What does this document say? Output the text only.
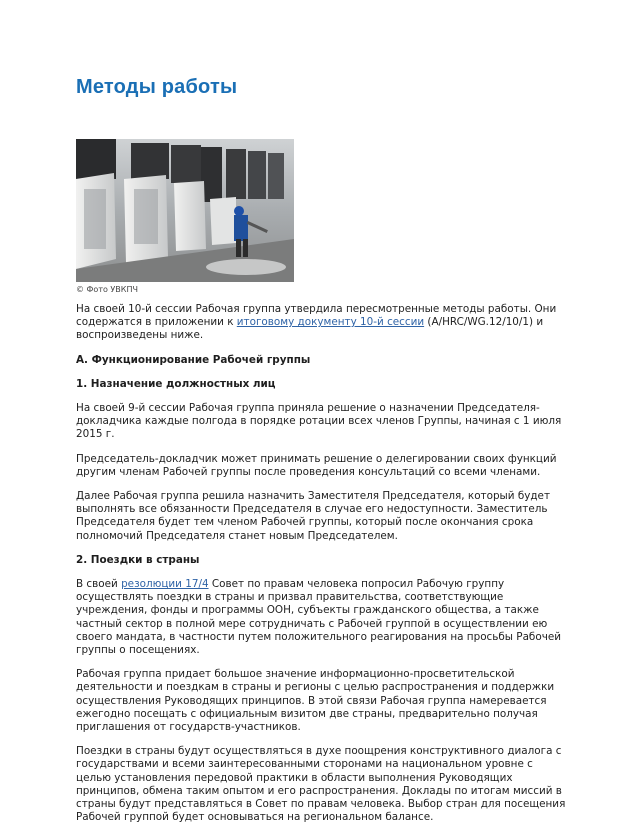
Методы работы

© Фото УВКПЧ

На своей 10-й сессии Рабочая группа утвердила пересмотренные методы работы. Они содержатся в приложении к итоговому документу 10-й сессии (A/HRC/WG.12/10/1) и воспроизведены ниже.

А. Функционирование Рабочей группы

1. Назначение должностных лиц

На своей 9-й сессии Рабочая группа приняла решение о назначении Председателя-докладчика каждые полгода в порядке ротации всех членов Группы, начиная с 1 июля 2015 г.

Председатель-докладчик может принимать решение о делегировании своих функций другим членам Рабочей группы после проведения консультаций со всеми членами.

Далее Рабочая группа решила назначить Заместителя Председателя, который будет выполнять все обязанности Председателя в случае его недоступности. Заместитель Председателя будет тем членом Рабочей группы, который после окончания срока полномочий Председателя станет новым Председателем.

2. Поездки в страны

В своей резолюции 17/4 Совет по правам человека попросил Рабочую группу осуществлять поездки в страны и призвал правительства, соответствующие учреждения, фонды и программы ООН, субъекты гражданского общества, а также частный сектор в полной мере сотрудничать с Рабочей группой в осуществлении ею своего мандата, в частности путем положительного реагирования на просьбы Рабочей группы о посещениях.

Рабочая группа придает большое значение информационно-просветительской деятельности и поездкам в страны и регионы с целью распространения и поддержки осуществления Руководящих принципов. В этой связи Рабочая группа намеревается ежегодно посещать с официальным визитом две страны, предварительно получая приглашения от государств-участников.

Поездки в страны будут осуществляться в духе поощрения конструктивного диалога с государствами и всеми заинтересованными сторонами на национальном уровне с целью установления передовой практики в области выполнения Руководящих принципов, обмена таким опытом и его распространения. Доклады по итогам миссий в страны будут представляться в Совет по правам человека. Выбор стран для посещения Рабочей группой будет основываться на региональном балансе.
